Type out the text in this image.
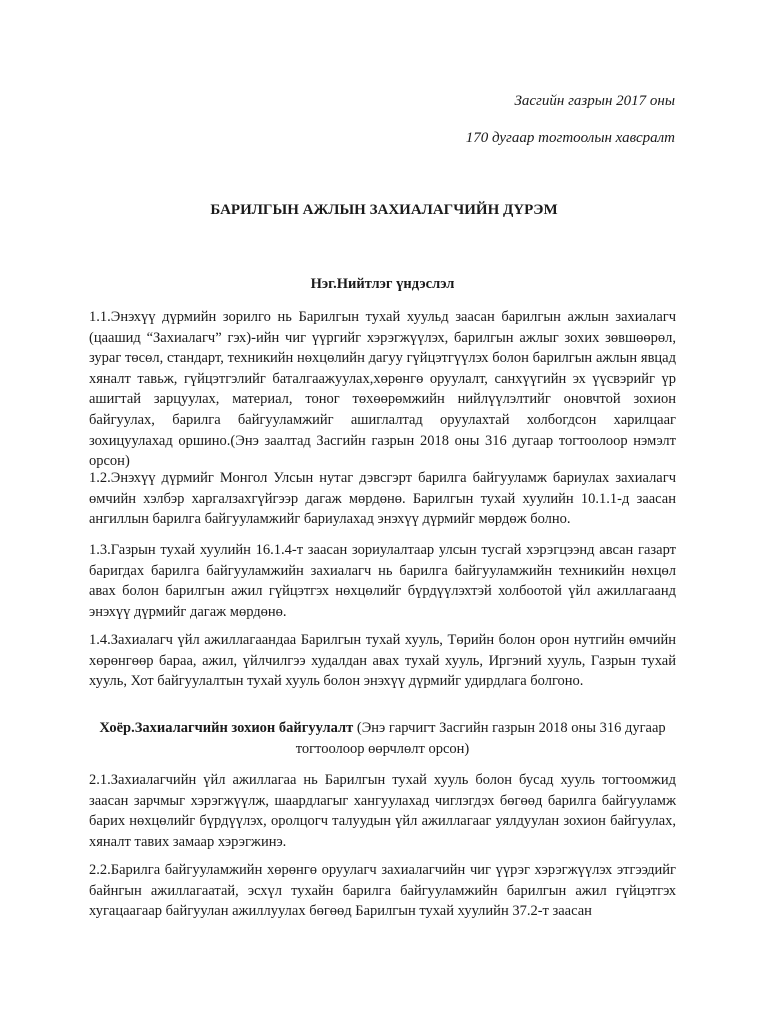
Засгийн газрын 2017 оны
170 дугаар тогтоолын хавсралт
БАРИЛГЫН АЖЛЫН ЗАХИАЛАГЧИЙН ДҮРЭМ
Нэг.Нийтлэг үндэслэл

1.1.Энэхүү дүрмийн зорилго нь Барилгын тухай хуульд заасан барилгын ажлын захиалагч (цаашид “Захиалагч” гэх)-ийн чиг үүргийг хэрэгжүүлэх, барилгын ажлыг зохих зөвшөөрөл, зураг төсөл, стандарт, техникийн нөхцөлийн дагуу гүйцэтгүүлэх болон барилгын ажлын явцад хяналт тавьж, гүйцэтгэлийг баталгаажуулах,хөрөнгө оруулалт, санхүүгийн эх үүсвэрийг үр ашигтай зарцуулах, материал, тоног төхөөрөмжийн нийлүүлэлтийг оновчтой зохион байгуулах, барилга байгууламжийг ашиглалтад оруулахтай холбогдсон харилцааг зохицуулахад оршино.(Энэ заалтад Засгийн газрын 2018 оны 316 дугаар тогтоолоор нэмэлт орсон)

1.2.Энэхүү дүрмийг Монгол Улсын нутаг дэвсгэрт барилга байгууламж бариулах захиалагч өмчийн хэлбэр харгалзахгүйгээр дагаж мөрдөнө. Барилгын тухай хуулийн 10.1.1-д заасан ангиллын барилга байгууламжийг бариулахад энэхүү дүрмийг мөрдөж болно.

1.3.Газрын тухай хуулийн 16.1.4-т заасан зориулалтаар улсын тусгай хэрэгцээнд авсан газарт баригдах барилга байгууламжийн захиалагч нь барилга байгууламжийн техникийн нөхцөл авах болон барилгын ажил гүйцэтгэх нөхцөлийг бүрдүүлэхтэй холбоотой үйл ажиллагаанд энэхүү дүрмийг дагаж мөрдөнө.

1.4.Захиалагч үйл ажиллагаандаа Барилгын тухай хууль, Төрийн болон орон нутгийн өмчийн хөрөнгөөр бараа, ажил, үйлчилгээ худалдан авах тухай хууль, Иргэний хууль, Газрын тухай хууль, Хот байгуулалтын тухай хууль болон энэхүү дүрмийг удирдлага болгоно.

Хоёр.Захиалагчийн зохион байгуулалт (Энэ гарчигт Засгийн газрын 2018 оны 316 дугаар тогтоолоор өөрчлөлт орсон)

2.1.Захиалагчийн үйл ажиллагаа нь Барилгын тухай хууль болон бусад хууль тогтоомжид заасан зарчмыг хэрэгжүүлж, шаардлагыг хангуулахад чиглэгдэх бөгөөд барилга байгууламж барих нөхцөлийг бүрдүүлэх, оролцогч талуудын үйл ажиллагааг уялдуулан зохион байгуулах, хяналт тавих замаар хэрэгжинэ.

2.2.Барилга байгууламжийн хөрөнгө оруулагч захиалагчийн чиг үүрэг хэрэгжүүлэх этгээдийг байнгын ажиллагаатай, эсхүл тухайн барилга байгууламжийн барилгын ажил гүйцэтгэх хугацаагаар байгуулан ажиллуулах бөгөөд Барилгын тухай хуулийн 37.2-т заасан
